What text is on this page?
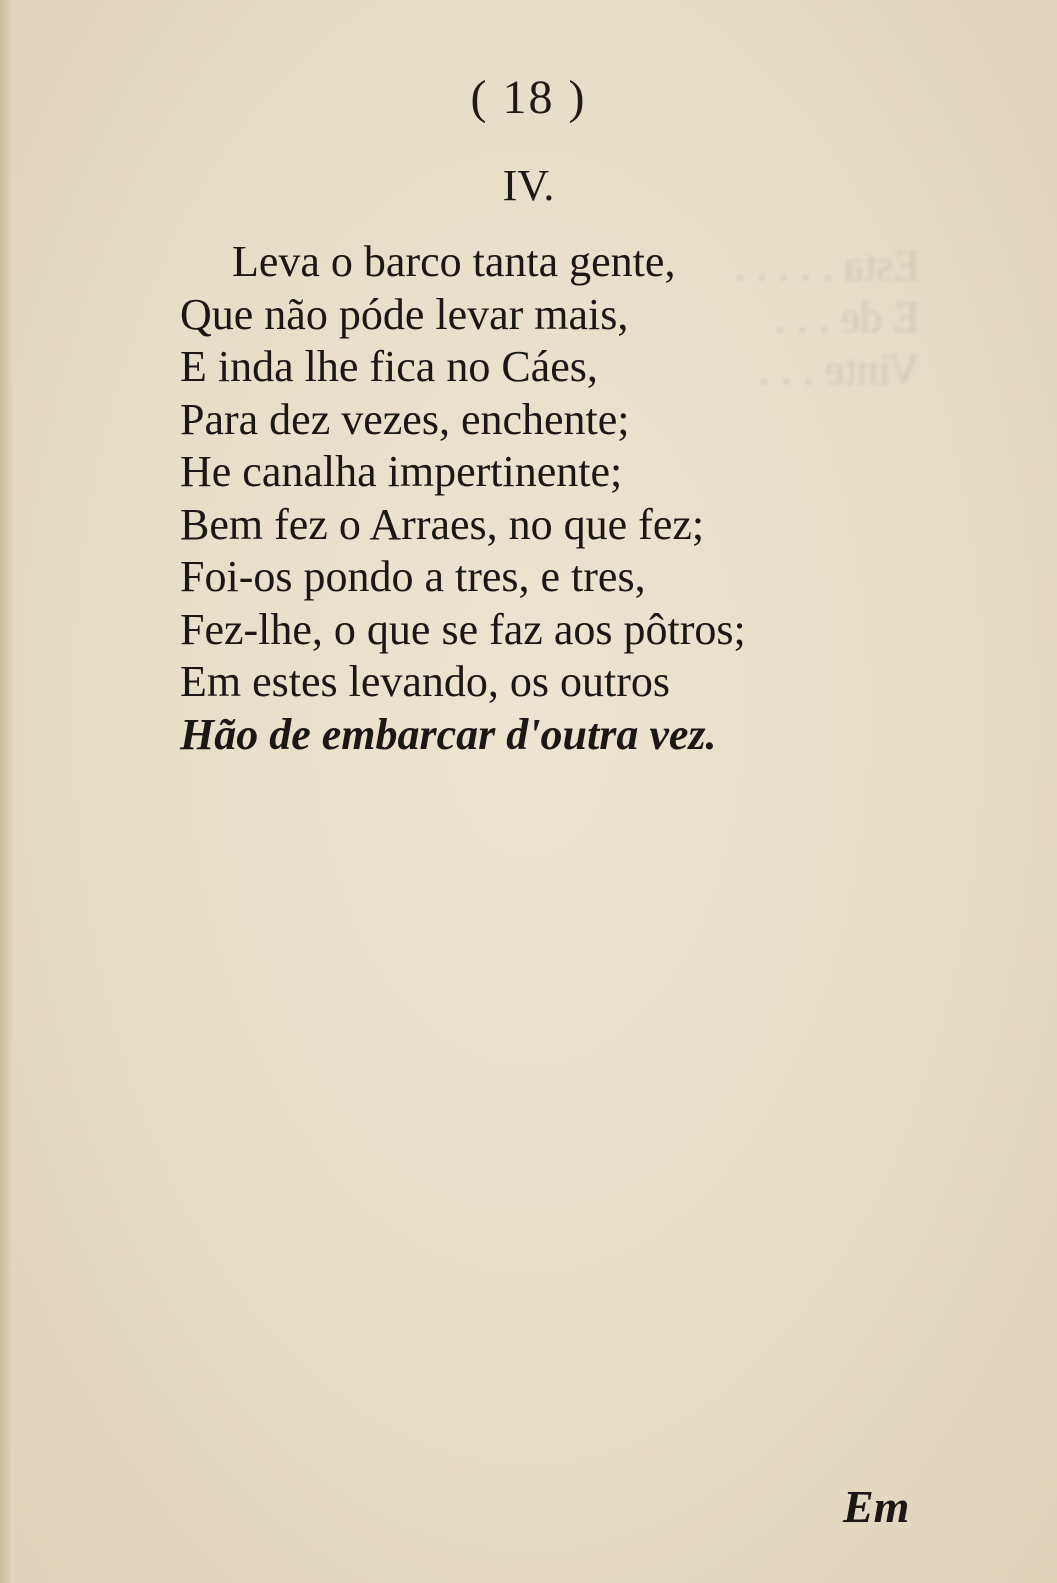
Esta . . . . .
E de . . .
Vinte . . .
( 18 )
IV.
Leva o barco tanta gente,
Que não póde levar mais,
E inda lhe fica no Cáes,
Para dez vezes, enchente;
He canalha impertinente;
Bem fez o Arraes, no que fez;
Foi-os pondo a tres, e tres,
Fez-lhe, o que se faz aos pôtros;
Em estes levando, os outros
Hão de embarcar d'outra vez.
Em
